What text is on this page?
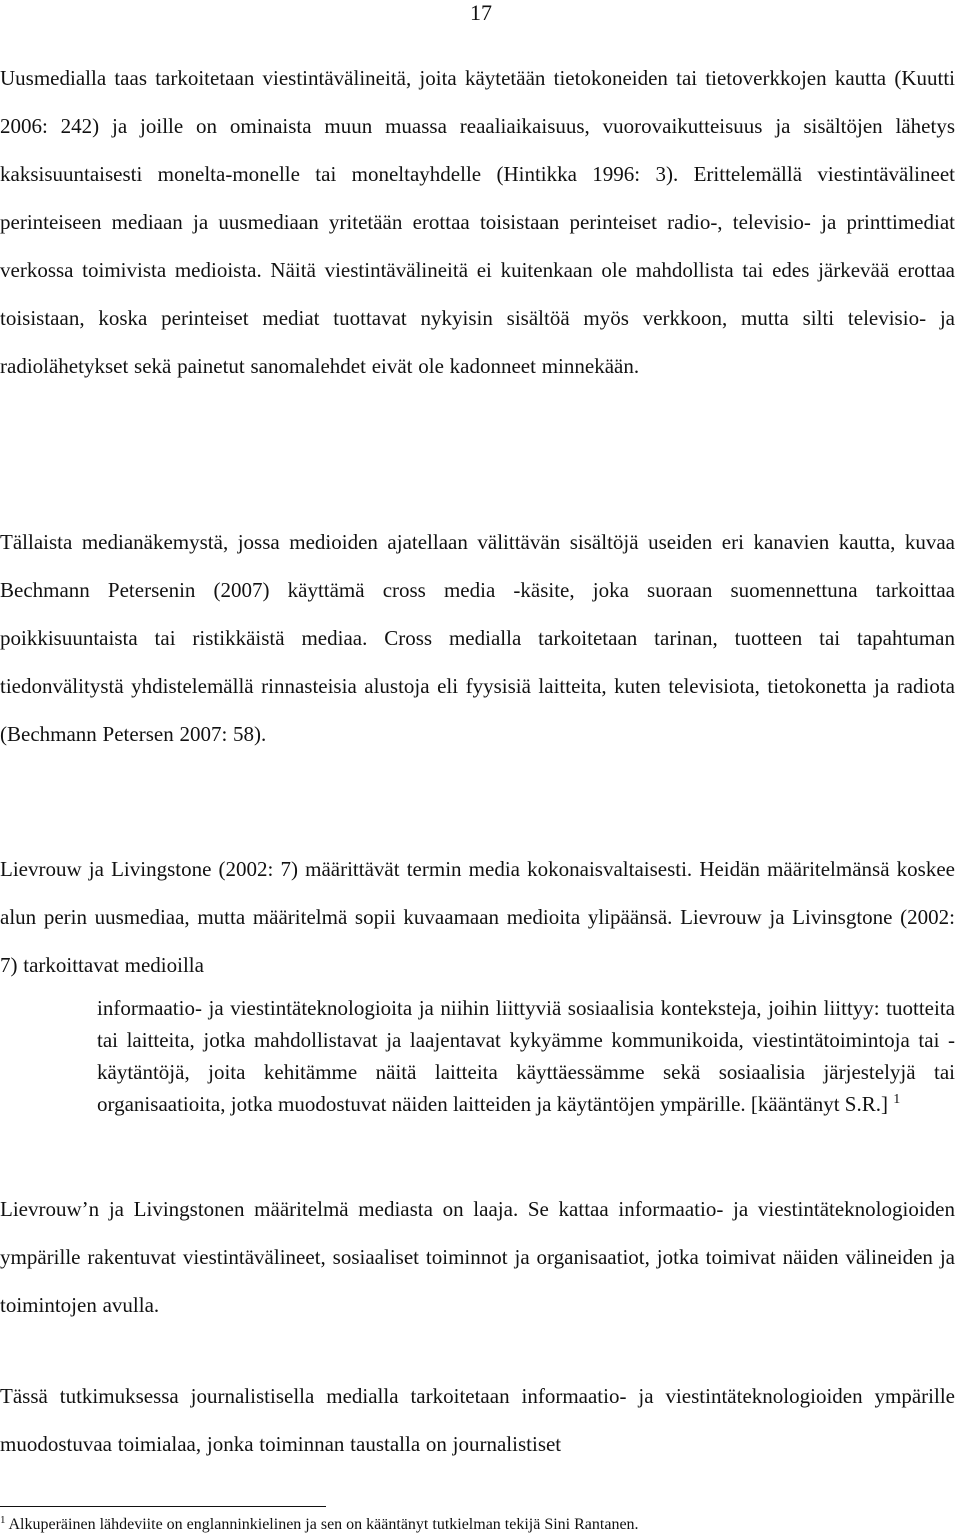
17

Uusmedialla taas tarkoitetaan viestintävälineitä, joita käytetään tietokoneiden tai tietoverkkojen kautta (Kuutti 2006: 242) ja joille on ominaista muun muassa reaaliaikaisuus, vuorovaikutteisuus ja sisältöjen lähetys kaksisuuntaisesti monelta-monelle tai moneltayhdelle (Hintikka 1996: 3). Erittelemällä viestintävälineet perinteiseen mediaan ja uusmediaan yritetään erottaa toisistaan perinteiset radio-, televisio- ja printtimediat verkossa toimivista medioista. Näitä viestintävälineitä ei kuitenkaan ole mahdollista tai edes järkevää erottaa toisistaan, koska perinteiset mediat tuottavat nykyisin sisältöä myös verkkoon, mutta silti televisio- ja radiolähetykset sekä painetut sanomalehdet eivät ole kadonneet minnekään.

Tällaista medianäkemystä, jossa medioiden ajatellaan välittävän sisältöjä useiden eri kanavien kautta, kuvaa Bechmann Petersenin (2007) käyttämä cross media -käsite, joka suoraan suomennettuna tarkoittaa poikkisuuntaista tai ristikkäistä mediaa. Cross medialla tarkoitetaan tarinan, tuotteen tai tapahtuman tiedonvälitystä yhdistelemällä rinnasteisia alustoja eli fyysisiä laitteita, kuten televisiota, tietokonetta ja radiota (Bechmann Petersen 2007: 58).

Lievrouw ja Livingstone (2002: 7) määrittävät termin media kokonaisvaltaisesti. Heidän määritelmänsä koskee alun perin uusmediaa, mutta määritelmä sopii kuvaamaan medioita ylipäänsä. Lievrouw ja Livinsgtone (2002: 7) tarkoittavat medioilla

informaatio- ja viestintäteknologioita ja niihin liittyviä sosiaalisia konteksteja, joihin liittyy: tuotteita tai laitteita, jotka mahdollistavat ja laajentavat kykyämme kommunikoida, viestintätoimintoja tai -käytäntöjä, joita kehitämme näitä laitteita käyttäessämme sekä sosiaalisia järjestelyjä tai organisaatioita, jotka muodostuvat näiden laitteiden ja käytäntöjen ympärille. [kääntänyt S.R.] $^1$

Lievrouw’n ja Livingstonen määritelmä mediasta on laaja. Se kattaa informaatio- ja viestintäteknologioiden ympärille rakentuvat viestintävälineet, sosiaaliset toiminnot ja organisaatiot, jotka toimivat näiden välineiden ja toimintojen avulla.

Tässä tutkimuksessa journalistisella medialla tarkoitetaan informaatio- ja viestintäteknologioiden ympärille muodostuvaa toimialaa, jonka toiminnan taustalla on journalistiset

$^1$ Alkuperäinen lähdeviite on englanninkielinen ja sen on kääntänyt tutkielman tekijä Sini Rantanen.
